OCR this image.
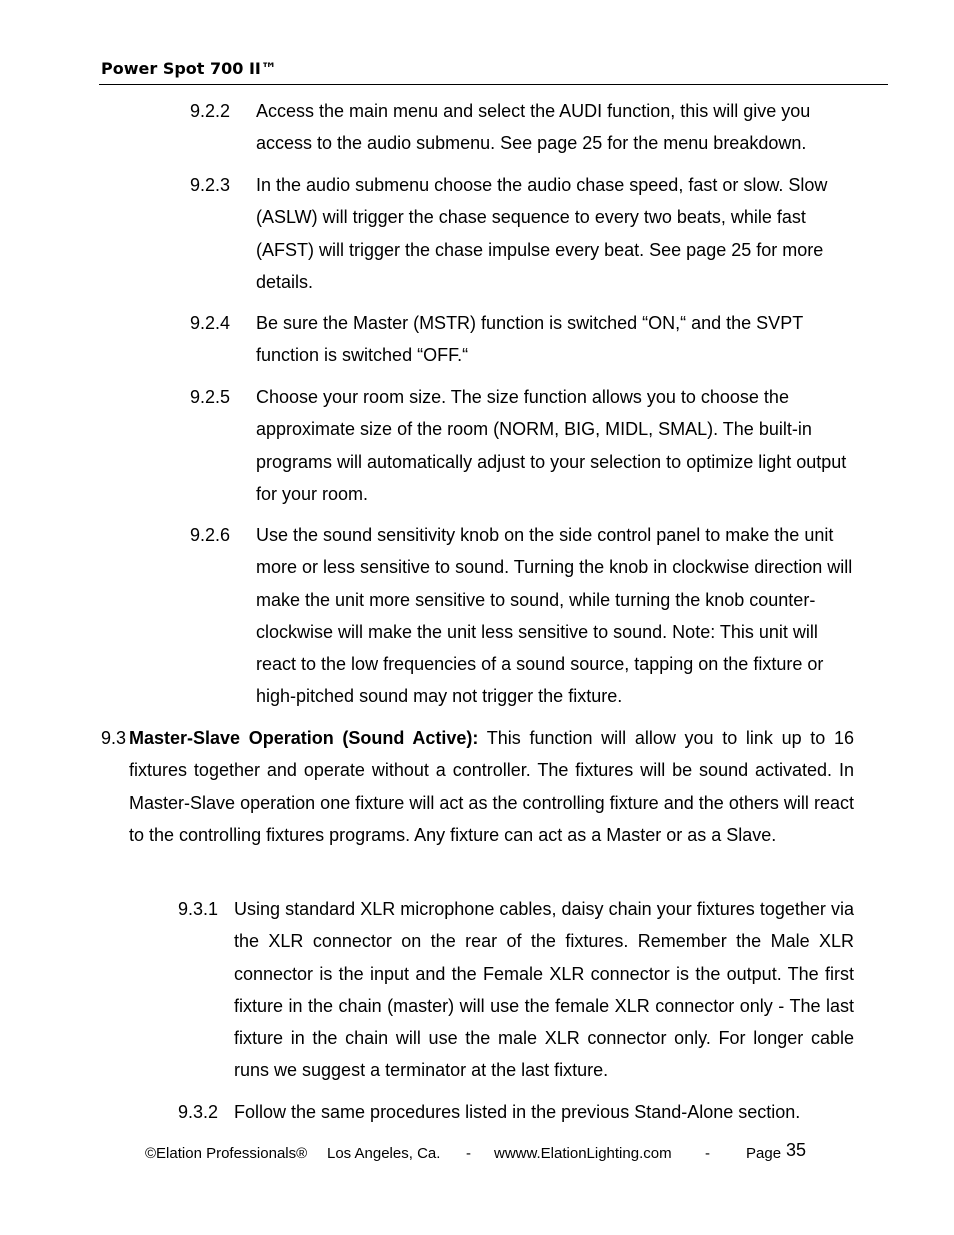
Power Spot 700 II™
9.2.2 Access the main menu and select the AUDI function, this will give you access to the audio submenu. See page 25 for the menu breakdown.
9.2.3 In the audio submenu choose the audio chase speed, fast or slow. Slow (ASLW) will trigger the chase sequence to every two beats, while fast (AFST) will trigger the chase impulse every beat. See page 25 for more details.
9.2.4 Be sure the Master (MSTR) function is switched “ON,“ and the SVPT function is switched “OFF.“
9.2.5 Choose your room size. The size function allows you to choose the approximate size of the room (NORM, BIG, MIDL, SMAL). The built-in programs will automatically adjust to your selection to optimize light output for your room.
9.2.6 Use the sound sensitivity knob on the side control panel to make the unit more or less sensitive to sound. Turning the knob in clockwise direction will make the unit more sensitive to sound, while turning the knob counter-clockwise will make the unit less sensitive to sound. Note: This unit will react to the low frequencies of a sound source, tapping on the fixture or high-pitched sound may not trigger the fixture.
9.3 Master-Slave Operation (Sound Active): This function will allow you to link up to 16 fixtures together and operate without a controller. The fixtures will be sound activated. In Master-Slave operation one fixture will act as the controlling fixture and the others will react to the controlling fixtures programs. Any fixture can act as a Master or as a Slave.
9.3.1 Using standard XLR microphone cables, daisy chain your fixtures together via the XLR connector on the rear of the fixtures. Remember the Male XLR connector is the input and the Female XLR connector is the output. The first fixture in the chain (master) will use the female XLR connector only - The last fixture in the chain will use the male XLR connector only. For longer cable runs we suggest a terminator at the last fixture.
9.3.2 Follow the same procedures listed in the previous Stand-Alone section.
©Elation Professionals® Los Angeles, Ca. - wwww.ElationLighting.com - Page 35
